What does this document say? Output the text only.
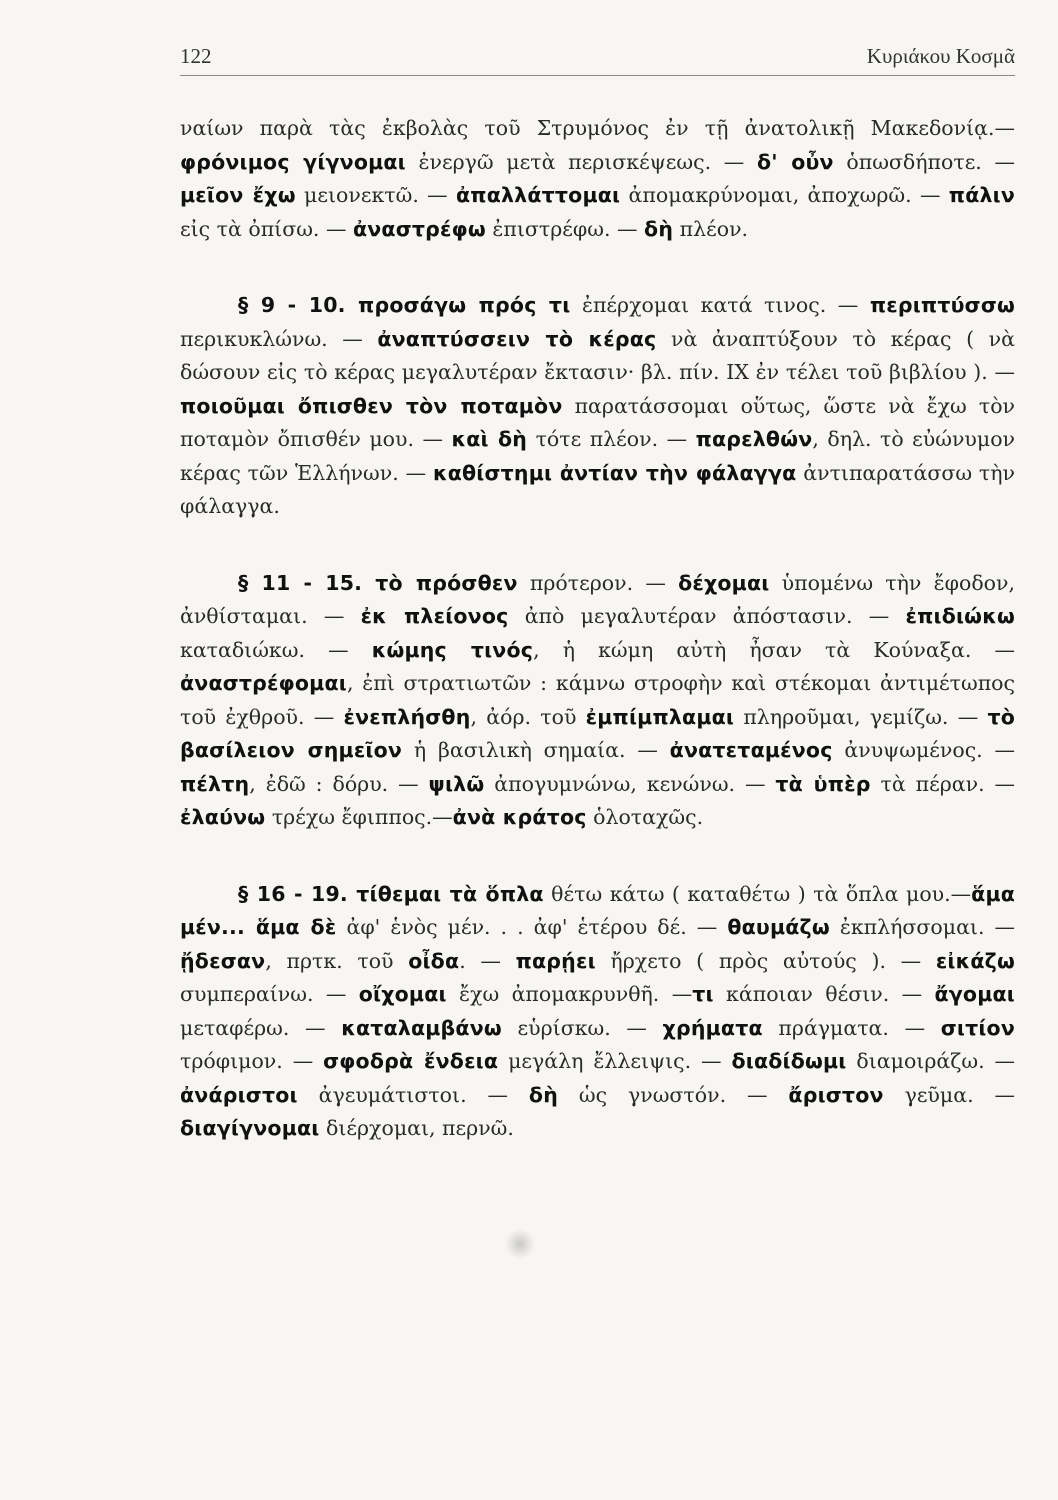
122	Κυριάκου Κοσμᾶ

ναίων παρὰ τὰς ἐκβολὰς τοῦ Στρυμόνος ἐν τῇ ἀνατολικῇ Μακεδονίᾳ.— φρόνιμος γίγνομαι ἐνεργῶ μετὰ περισκέψεως. — δ' οὖν ὁπωσδήποτε. — μεῖον ἔχω μειονεκτῶ. — ἀπαλλάττομαι ἀπομακρύνομαι, ἀποχωρῶ. — πάλιν εἰς τὰ ὀπίσω. — ἀναστρέφω ἐπιστρέφω. — δὴ πλέον.

§ 9 - 10. προσάγω πρός τι ἐπέρχομαι κατά τινος. — περιπτύσσω περικυκλώνω. — ἀναπτύσσειν τὸ κέρας νὰ ἀναπτύξουν τὸ κέρας ( νὰ δώσουν εἰς τὸ κέρας μεγαλυτέραν ἔκτασιν· βλ. πίν. IX ἐν τέλει τοῦ βιβλίου ). — ποιοῦμαι ὄπισθεν τὸν ποταμὸν παρατάσσομαι οὕτως, ὥστε νὰ ἔχω τὸν ποταμὸν ὄπισθέν μου. — καὶ δὴ τότε πλέον. — παρελθών, δηλ. τὸ εὐώνυμον κέρας τῶν Ἑλλήνων. — καθίστημι ἀντίαν τὴν φάλαγγα ἀντιπαρατάσσω τὴν φάλαγγα.

§ 11 - 15. τὸ πρόσθεν πρότερον. — δέχομαι ὑπομένω τὴν ἔφοδον, ἀνθίσταμαι. — ἐκ πλείονος ἀπὸ μεγαλυτέραν ἀπόστασιν. — ἐπιδιώκω καταδιώκω. — κώμης τινός, ἡ κώμη αὐτὴ ἦσαν τὰ Κούναξα. — ἀναστρέφομαι, ἐπὶ στρατιωτῶν : κάμνω στροφὴν καὶ στέκομαι ἀντιμέτωπος τοῦ ἐχθροῦ. — ἐνεπλήσθη, ἀόρ. τοῦ ἐμπίμπλαμαι πληροῦμαι, γεμίζω. — τὸ βασίλειον σημεῖον ἡ βασιλικὴ σημαία. — ἀνατεταμένος ἀνυψωμένος. — πέλτη, ἐδῶ : δόρυ. — ψιλῶ ἀπογυμνώνω, κενώνω. — τὰ ὑπὲρ τὰ πέραν. — ἐλαύνω τρέχω ἔφιππος.—ἀνὰ κράτος ὁλοταχῶς.

§ 16 - 19. τίθεμαι τὰ ὅπλα θέτω κάτω ( καταθέτω ) τὰ ὅπλα μου.—ἅμα μέν... ἅμα δὲ ἀφ' ἑνὸς μέν. . . ἀφ' ἑτέρου δέ. — θαυμάζω ἐκπλήσσομαι. — ᾔδεσαν, πρτκ. τοῦ οἶδα. — παρῄει ἤρχετο ( πρὸς αὐτούς ). — εἰκάζω συμπεραίνω. — οἴχομαι ἔχω ἀπομακρυνθῆ. —τι κάποιαν θέσιν. — ἄγομαι μεταφέρω. — καταλαμβάνω εὑρίσκω. — χρήματα πράγματα. — σιτίον τρόφιμον. — σφοδρὰ ἔνδεια μεγάλη ἔλλειψις. — διαδίδωμι διαμοιράζω. — ἀνάριστοι ἀγευμάτιστοι. — δὴ ὡς γνωστόν. — ἄριστον γεῦμα. — διαγίγνομαι διέρχομαι, περνῶ.
